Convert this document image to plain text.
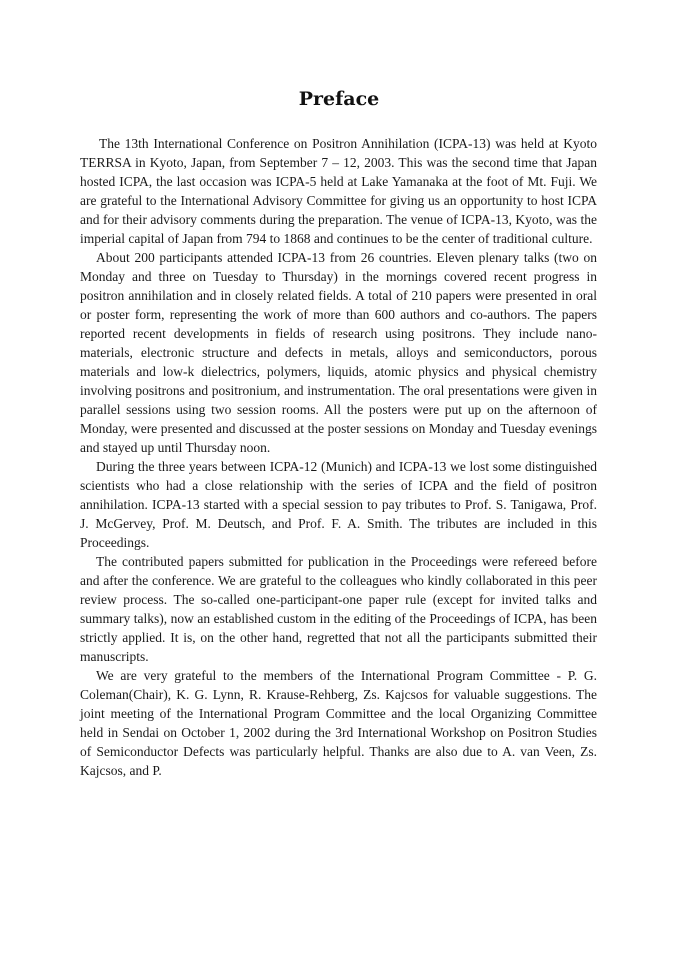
Preface

The 13th International Conference on Positron Annihilation (ICPA-13) was held at Kyoto TERRSA in Kyoto, Japan, from September 7 – 12, 2003. This was the second time that Japan hosted ICPA, the last occasion was ICPA-5 held at Lake Yamanaka at the foot of Mt. Fuji. We are grateful to the International Advisory Committee for giving us an opportunity to host ICPA and for their advisory comments during the preparation. The venue of ICPA-13, Kyoto, was the imperial capital of Japan from 794 to 1868 and continues to be the center of traditional culture.

About 200 participants attended ICPA-13 from 26 countries. Eleven plenary talks (two on Monday and three on Tuesday to Thursday) in the mornings covered recent progress in positron annihilation and in closely related fields. A total of 210 papers were presented in oral or poster form, representing the work of more than 600 authors and co-authors. The papers reported recent developments in fields of research using positrons. They include nano-materials, electronic structure and defects in metals, alloys and semiconductors, porous materials and low-k dielectrics, polymers, liquids, atomic physics and physical chemistry involving positrons and positronium, and instrumentation. The oral presentations were given in parallel sessions using two session rooms. All the posters were put up on the afternoon of Monday, were presented and discussed at the poster sessions on Monday and Tuesday evenings and stayed up until Thursday noon.

During the three years between ICPA-12 (Munich) and ICPA-13 we lost some distinguished scientists who had a close relationship with the series of ICPA and the field of positron annihilation. ICPA-13 started with a special session to pay tributes to Prof. S. Tanigawa, Prof. J. McGervey, Prof. M. Deutsch, and Prof. F. A. Smith. The tributes are included in this Proceedings.

The contributed papers submitted for publication in the Proceedings were refereed before and after the conference. We are grateful to the colleagues who kindly collaborated in this peer review process. The so-called one-participant-one paper rule (except for invited talks and summary talks), now an established custom in the editing of the Proceedings of ICPA, has been strictly applied. It is, on the other hand, regretted that not all the participants submitted their manuscripts.

We are very grateful to the members of the International Program Committee - P. G. Coleman(Chair), K. G. Lynn, R. Krause-Rehberg, Zs. Kajcsos for valuable suggestions. The joint meeting of the International Program Committee and the local Organizing Committee held in Sendai on October 1, 2002 during the 3rd International Workshop on Positron Studies of Semiconductor Defects was particularly helpful. Thanks are also due to A. van Veen, Zs. Kajcsos, and P.
